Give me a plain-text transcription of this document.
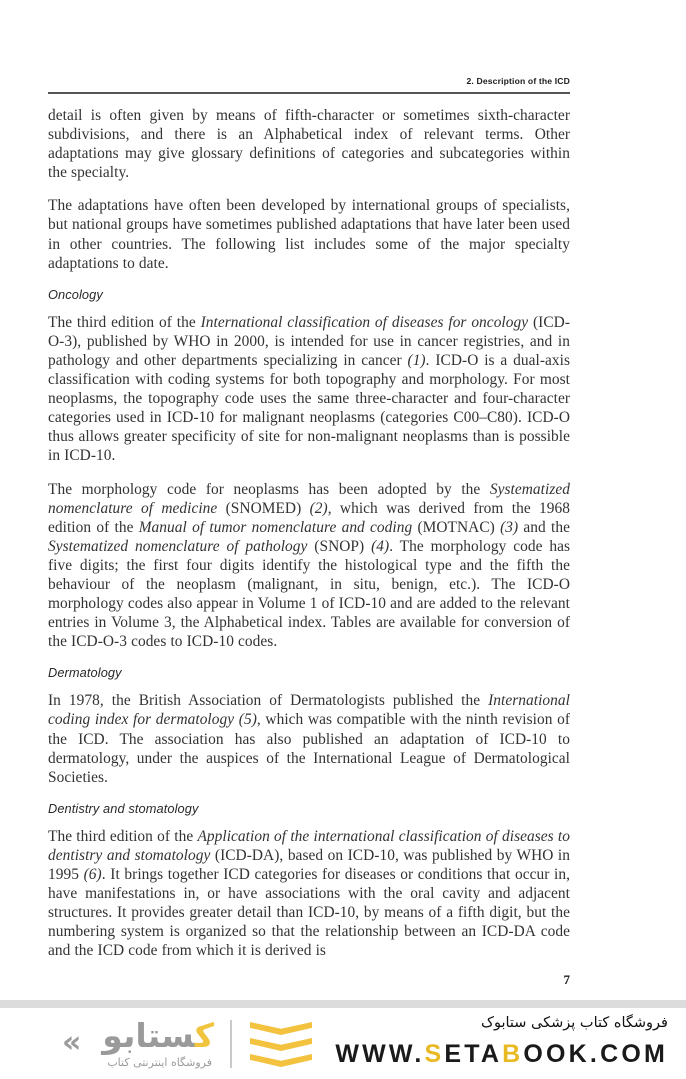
2. Description of the ICD

detail is often given by means of fifth-character or sometimes sixth-character subdivisions, and there is an Alphabetical index of relevant terms. Other adaptations may give glossary definitions of categories and subcategories within the specialty.

The adaptations have often been developed by international groups of specialists, but national groups have sometimes published adaptations that have later been used in other countries. The following list includes some of the major specialty adaptations to date.

Oncology

The third edition of the International classification of diseases for oncology (ICD-O-3), published by WHO in 2000, is intended for use in cancer registries, and in pathology and other departments specializing in cancer (1). ICD-O is a dual-axis classification with coding systems for both topography and morphology. For most neoplasms, the topography code uses the same three-character and four-character categories used in ICD-10 for malignant neoplasms (categories C00–C80). ICD-O thus allows greater specificity of site for non-malignant neoplasms than is possible in ICD-10.

The morphology code for neoplasms has been adopted by the Systematized nomenclature of medicine (SNOMED) (2), which was derived from the 1968 edition of the Manual of tumor nomenclature and coding (MOTNAC) (3) and the Systematized nomenclature of pathology (SNOP) (4). The morphology code has five digits; the first four digits identify the histological type and the fifth the behaviour of the neoplasm (malignant, in situ, benign, etc.). The ICD-O morphology codes also appear in Volume 1 of ICD-10 and are added to the relevant entries in Volume 3, the Alphabetical index. Tables are available for conversion of the ICD-O-3 codes to ICD-10 codes.

Dermatology

In 1978, the British Association of Dermatologists published the International coding index for dermatology (5), which was compatible with the ninth revision of the ICD. The association has also published an adaptation of ICD-10 to dermatology, under the auspices of the International League of Dermatological Societies.

Dentistry and stomatology

The third edition of the Application of the international classification of diseases to dentistry and stomatology (ICD-DA), based on ICD-10, was published by WHO in 1995 (6). It brings together ICD categories for diseases or conditions that occur in, have manifestations in, or have associations with the oral cavity and adjacent structures. It provides greater detail than ICD-10, by means of a fifth digit, but the numbering system is organized so that the relationship between an ICD-DA code and the ICD code from which it is derived is

7
کستابو
فروشگاه اینترنتی کتاب
«
فروشگاه کتاب پزشکی ستابوک
WWW.SETABOOK.COM
